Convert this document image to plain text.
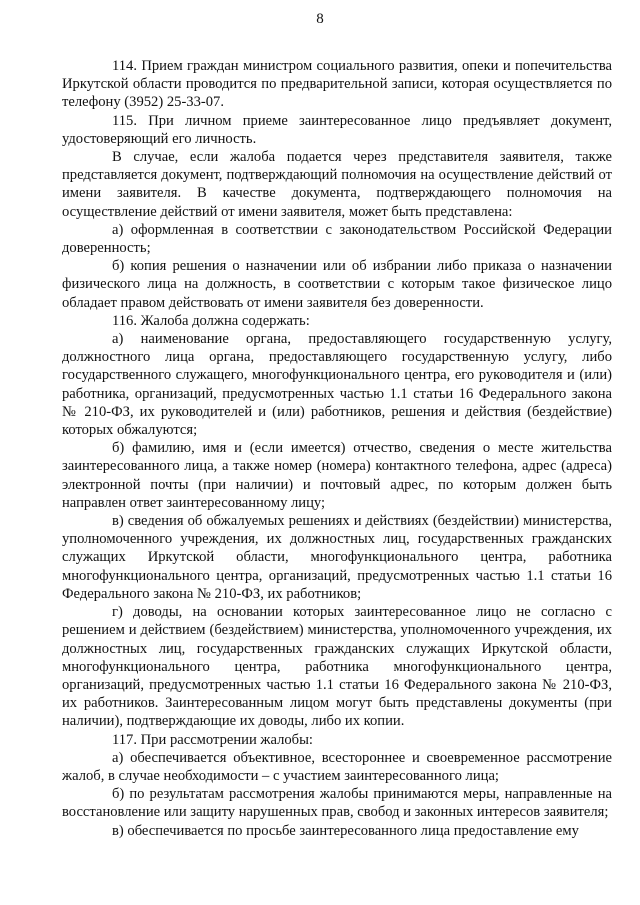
8

114. Прием граждан министром социального развития, опеки и попечительства Иркутской области проводится по предварительной записи, которая осуществляется по телефону (3952) 25-33-07.

115. При личном приеме заинтересованное лицо предъявляет документ, удостоверяющий его личность.

В случае, если жалоба подается через представителя заявителя, также представляется документ, подтверждающий полномочия на осуществление действий от имени заявителя. В качестве документа, подтверждающего полномочия на осуществление действий от имени заявителя, может быть представлена:

а) оформленная в соответствии с законодательством Российской Федерации доверенность;

б) копия решения о назначении или об избрании либо приказа о назначении физического лица на должность, в соответствии с которым такое физическое лицо обладает правом действовать от имени заявителя без доверенности.

116. Жалоба должна содержать:

а) наименование органа, предоставляющего государственную услугу, должностного лица органа, предоставляющего государственную услугу, либо государственного служащего, многофункционального центра, его руководителя и (или) работника, организаций, предусмотренных частью 1.1 статьи 16 Федерального закона № 210-ФЗ, их руководителей и (или) работников, решения и действия (бездействие) которых обжалуются;

б) фамилию, имя и (если имеется) отчество, сведения о месте жительства заинтересованного лица, а также номер (номера) контактного телефона, адрес (адреса) электронной почты (при наличии) и почтовый адрес, по которым должен быть направлен ответ заинтересованному лицу;

в) сведения об обжалуемых решениях и действиях (бездействии) министерства, уполномоченного учреждения, их должностных лиц, государственных гражданских служащих Иркутской области, многофункционального центра, работника многофункционального центра, организаций, предусмотренных частью 1.1 статьи 16 Федерального закона № 210-ФЗ, их работников;

г) доводы, на основании которых заинтересованное лицо не согласно с решением и действием (бездействием) министерства, уполномоченного учреждения, их должностных лиц, государственных гражданских служащих Иркутской области, многофункционального центра, работника многофункционального центра, организаций, предусмотренных частью 1.1 статьи 16 Федерального закона № 210-ФЗ, их работников. Заинтересованным лицом могут быть представлены документы (при наличии), подтверждающие их доводы, либо их копии.

117. При рассмотрении жалобы:

а) обеспечивается объективное, всестороннее и своевременное рассмотрение жалоб, в случае необходимости – с участием заинтересованного лица;

б) по результатам рассмотрения жалобы принимаются меры, направленные на восстановление или защиту нарушенных прав, свобод и законных интересов заявителя;

в) обеспечивается по просьбе заинтересованного лица предоставление ему
